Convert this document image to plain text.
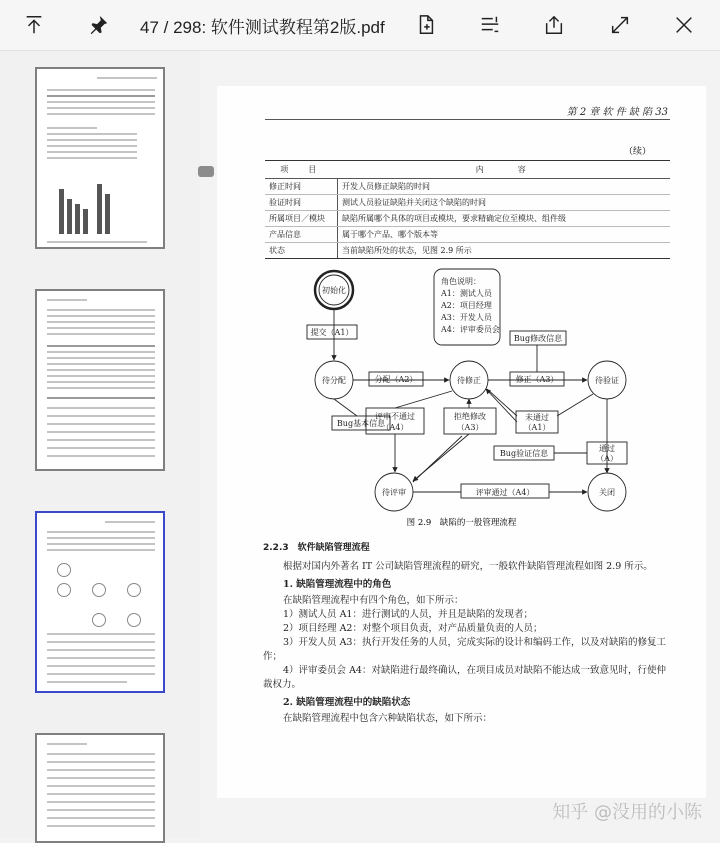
47 / 298: 软件测试教程第2版.pdf
第 2 章 软 件 缺 陷 33
（续）
项　目	内　　容
修正时间	开发人员修正缺陷的时间
验证时间	测试人员验证缺陷并关闭这个缺陷的时间
所属项目／模块	缺陷所属哪个具体的项目或模块，要求精确定位至模块、组件级
产品信息	属于哪个产品、哪个版本等
状态	当前缺陷所处的状态，见图 2.9 所示
初始化
待分配	待修正	待验证
待评审	关闭
提交（A1）
分配（A2）	修正（A3）
Bug修改信息
Bug基本信息
评审不通过
（A4）
拒绝修改
（A3）
未通过
（A1）
Bug验证信息
通过
（A）
评审通过（A4）
角色说明：
A1：测试人员
A2：项目经理
A3：开发人员
A4：评审委员会
图 2.9　缺陷的一般管理流程
2.2.3　软件缺陷管理流程

根据对国内外著名 IT 公司缺陷管理流程的研究，一般软件缺陷管理流程如图 2.9 所示。

1. 缺陷管理流程中的角色

在缺陷管理流程中有四个角色，如下所示：

1）测试人员 A1：进行测试的人员，并且是缺陷的发现者；

2）项目经理 A2：对整个项目负责，对产品质量负责的人员；

3）开发人员 A3：执行开发任务的人员，完成实际的设计和编码工作，以及对缺陷的修复工作；

4）评审委员会 A4：对缺陷进行最终确认，在项目成员对缺陷不能达成一致意见时，行使仲裁权力。

2. 缺陷管理流程中的缺陷状态

在缺陷管理流程中包含六种缺陷状态，如下所示：

知乎 @没用的小陈
